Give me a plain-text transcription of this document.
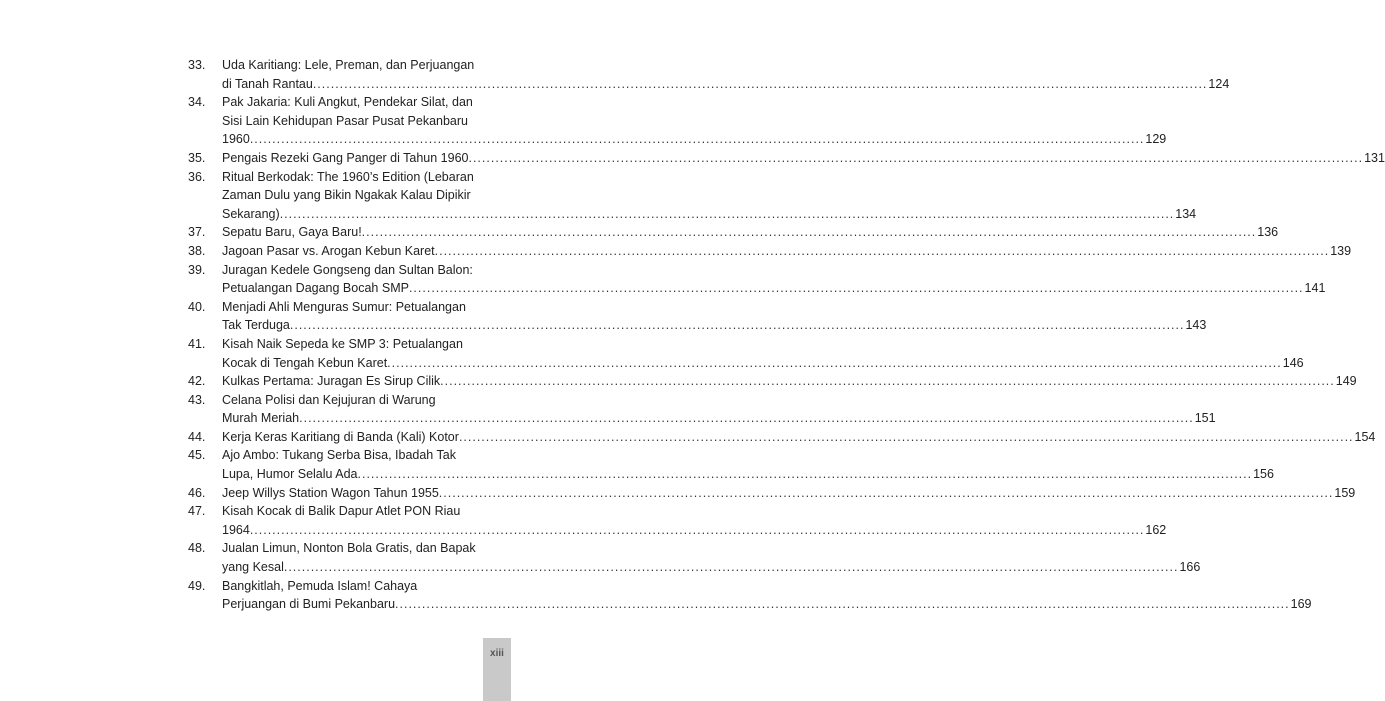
33.	Uda Karitiang: Lele, Preman, dan Perjuangan
di Tanah Rantau ........................................................................................................................................................................................................ 124
34.	Pak Jakaria: Kuli Angkut, Pendekar Silat, dan
Sisi Lain Kehidupan Pasar Pusat Pekanbaru
1960 ........................................................................................................................................................................................................ 129
35.	Pengais Rezeki Gang Panger di Tahun 1960 ........................................................................................................................................................................................................ 131
36.	Ritual Berkodak: The 1960’s Edition (Lebaran
Zaman Dulu yang Bikin Ngakak Kalau Dipikir
Sekarang) ........................................................................................................................................................................................................ 134
37.	Sepatu Baru, Gaya Baru! ........................................................................................................................................................................................................ 136
38.	Jagoan Pasar vs. Arogan Kebun Karet ........................................................................................................................................................................................................ 139
39.	Juragan Kedele Gongseng dan Sultan Balon:
Petualangan Dagang Bocah SMP ........................................................................................................................................................................................................ 141
40.	Menjadi Ahli Menguras Sumur: Petualangan
Tak Terduga ........................................................................................................................................................................................................ 143
41.	Kisah Naik Sepeda ke SMP 3: Petualangan
Kocak di Tengah Kebun Karet ........................................................................................................................................................................................................ 146
42.	Kulkas Pertama: Juragan Es Sirup Cilik ........................................................................................................................................................................................................ 149
43.	Celana Polisi dan Kejujuran di Warung
Murah Meriah ........................................................................................................................................................................................................ 151
44.	Kerja Keras Karitiang di Banda (Kali) Kotor ........................................................................................................................................................................................................ 154
45.	Ajo Ambo: Tukang Serba Bisa, Ibadah Tak
Lupa, Humor Selalu Ada ........................................................................................................................................................................................................ 156
46.	Jeep Willys Station Wagon Tahun 1955 ........................................................................................................................................................................................................ 159
47.	Kisah Kocak di Balik Dapur Atlet PON Riau
1964 ........................................................................................................................................................................................................ 162
48.	Jualan Limun, Nonton Bola Gratis, dan Bapak
yang Kesal ........................................................................................................................................................................................................ 166
49.	Bangkitlah, Pemuda Islam! Cahaya
Perjuangan di Bumi Pekanbaru ........................................................................................................................................................................................................ 169
xiii
